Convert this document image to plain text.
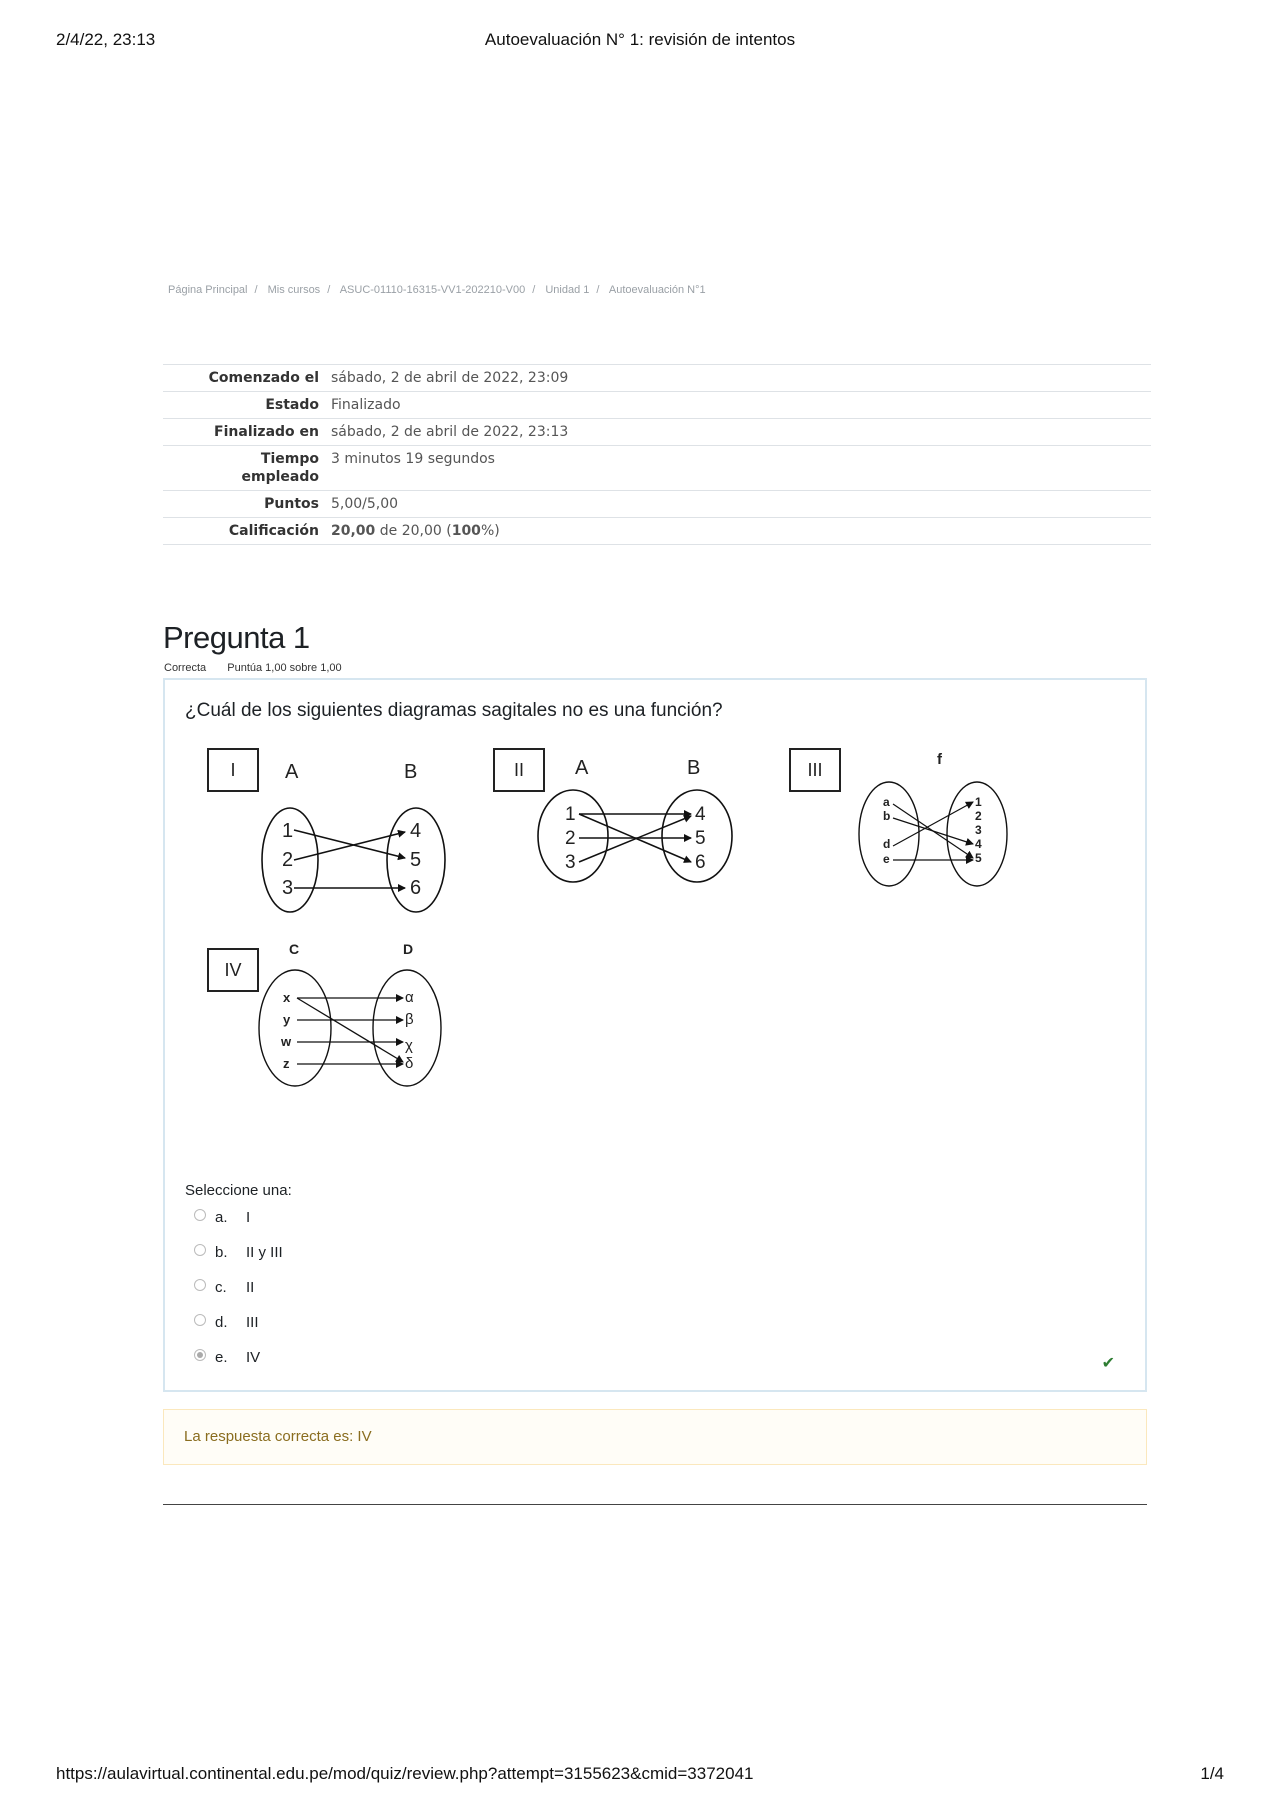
2/4/22, 23:13	Autoevaluación N° 1: revisión de intentos
Página Principal / Mis cursos / ASUC-01110-16315-VV1-202210-V00 / Unidad 1 / Autoevaluación N°1
Comenzado el	sábado, 2 de abril de 2022, 23:09
Estado	Finalizado
Finalizado en	sábado, 2 de abril de 2022, 23:13
Tiempo empleado	3 minutos 19 segundos
Puntos	5,00/5,00
Calificación	20,00 de 20,00 (100%)
Pregunta 1
Correcta Puntúa 1,00 sobre 1,00
¿Cuál de los siguientes diagramas sagitales no es una función?
I	II	III
IV
A	B
1
2
3
4
5
6
A	B
1
2
3
4
5
6
f
a
b
d
e
1
2
3
4
5
C	D
x
y
w
z
α
β
χ
δ
Seleccione una:
a. I
b. II y III
c. II
d. III
e. IV	✔
La respuesta correcta es: IV
https://aulavirtual.continental.edu.pe/mod/quiz/review.php?attempt=3155623&cmid=3372041	1/4
